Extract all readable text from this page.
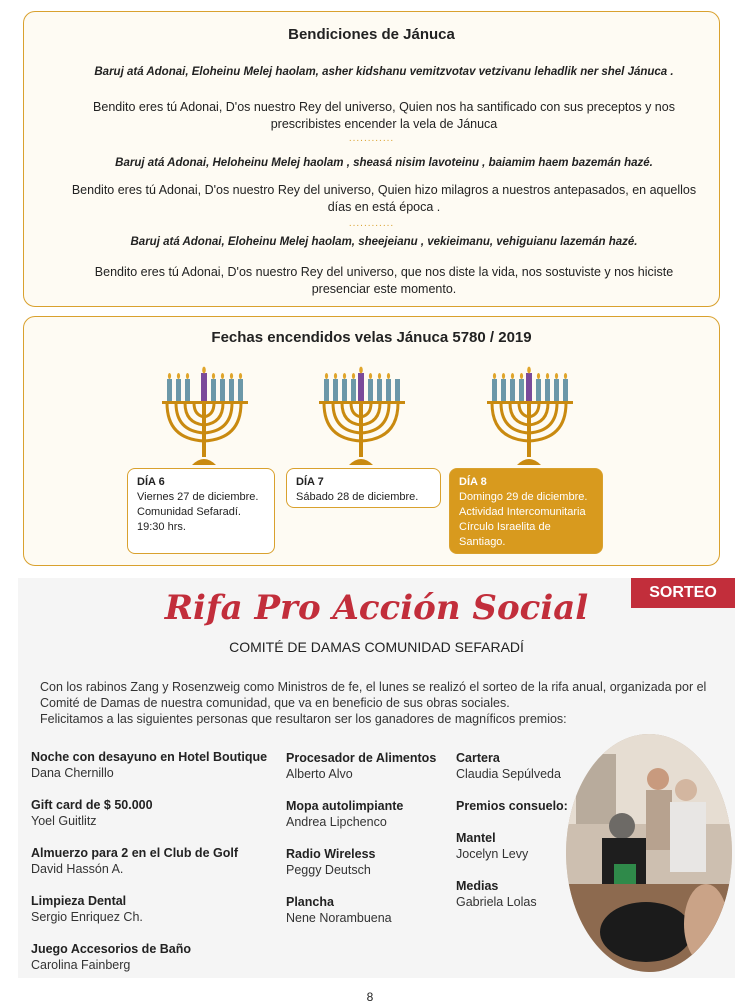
Bendiciones de Jánuca
Baruj atá Adonai, Eloheinu Melej haolam, asher kidshanu vemitzvotav vetzivanu lehadlik ner shel Jánuca .
Bendito eres tú Adonai, D'os nuestro Rey del universo, Quien nos ha santificado con sus preceptos y nos prescribistes encender la vela de Jánuca
............
Baruj atá Adonai, Heloheinu Melej haolam , sheasá nisim lavoteinu , baiamim haem bazemán hazé.
Bendito eres tú Adonai, D'os nuestro Rey del universo, Quien hizo milagros a nuestros antepasados, en aquellos días en está época .
............
Baruj atá Adonai, Eloheinu Melej haolam, sheejeianu , vekieimanu, vehiguianu lazemán hazé.
Bendito eres tú Adonai, D'os nuestro Rey del universo, que nos diste la vida, nos sostuviste y nos hiciste presenciar este momento.
Fechas encendidos velas Jánuca 5780 / 2019
DÍA 6
Viernes 27 de diciembre.
Comunidad Sefaradí.
19:30 hrs.
DÍA 7
Sábado 28 de diciembre.
DÍA 8
Domingo 29 de diciembre.
Actividad Intercomunitaria
Círculo Israelita de
Santiago.
Rifa Pro Acción Social
COMITÉ DE DAMAS COMUNIDAD SEFARADÍ
Con los rabinos Zang y Rosenzweig como Ministros de fe, el lunes se realizó el sorteo de la rifa anual, organizada por el Comité de Damas de nuestra comunidad, que va en beneficio de sus obras sociales.
Felicitamos a las siguientes personas que resultaron ser los ganadores de magníficos premios:
Noche con desayuno en Hotel Boutique
Dana Chernillo
Gift card de $ 50.000
Yoel Guitlitz
Almuerzo para 2 en el Club de Golf
David Hassón A.
Limpieza Dental
Sergio Enriquez Ch.
Juego Accesorios de Baño
Carolina Fainberg
Procesador de Alimentos
Alberto Alvo
Mopa autolimpiante
Andrea Lipchenco
Radio Wireless
Peggy Deutsch
Plancha
Nene Norambuena
Cartera
Claudia Sepúlveda
Premios consuelo:
Mantel
Jocelyn Levy
Medias
Gabriela Lolas
SORTEO
8
